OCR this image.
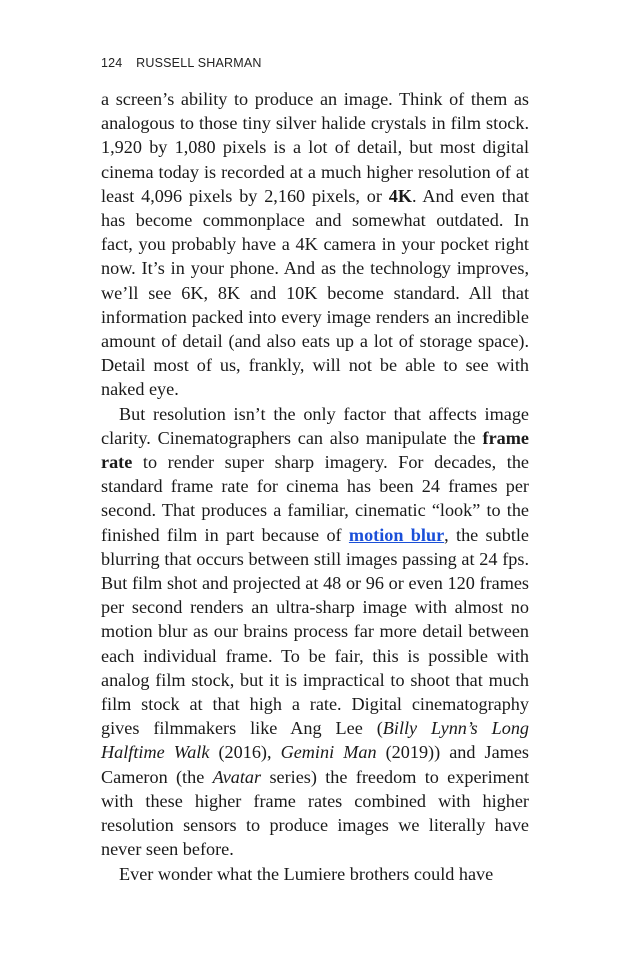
124 RUSSELL SHARMAN

a screen’s ability to produce an image. Think of them as analogous to those tiny silver halide crystals in film stock. 1,920 by 1,080 pixels is a lot of detail, but most digital cinema today is recorded at a much higher resolution of at least 4,096 pixels by 2,160 pixels, or 4K. And even that has become commonplace and somewhat outdated. In fact, you probably have a 4K camera in your pocket right now. It’s in your phone. And as the technology improves, we’ll see 6K, 8K and 10K become standard. All that information packed into every image renders an incredible amount of detail (and also eats up a lot of storage space). Detail most of us, frankly, will not be able to see with naked eye.

But resolution isn’t the only factor that affects image clarity. Cinematographers can also manipulate the frame rate to render super sharp imagery. For decades, the standard frame rate for cinema has been 24 frames per second. That produces a familiar, cinematic “look” to the finished film in part because of motion blur, the subtle blurring that occurs between still images passing at 24 fps. But film shot and projected at 48 or 96 or even 120 frames per second renders an ultra-sharp image with almost no motion blur as our brains process far more detail between each individual frame. To be fair, this is possible with analog film stock, but it is impractical to shoot that much film stock at that high a rate. Digital cinematography gives filmmakers like Ang Lee (Billy Lynn’s Long Halftime Walk (2016), Gemini Man (2019)) and James Cameron (the Avatar series) the freedom to experiment with these higher frame rates combined with higher resolution sensors to produce images we literally have never seen before.

Ever wonder what the Lumiere brothers could have
